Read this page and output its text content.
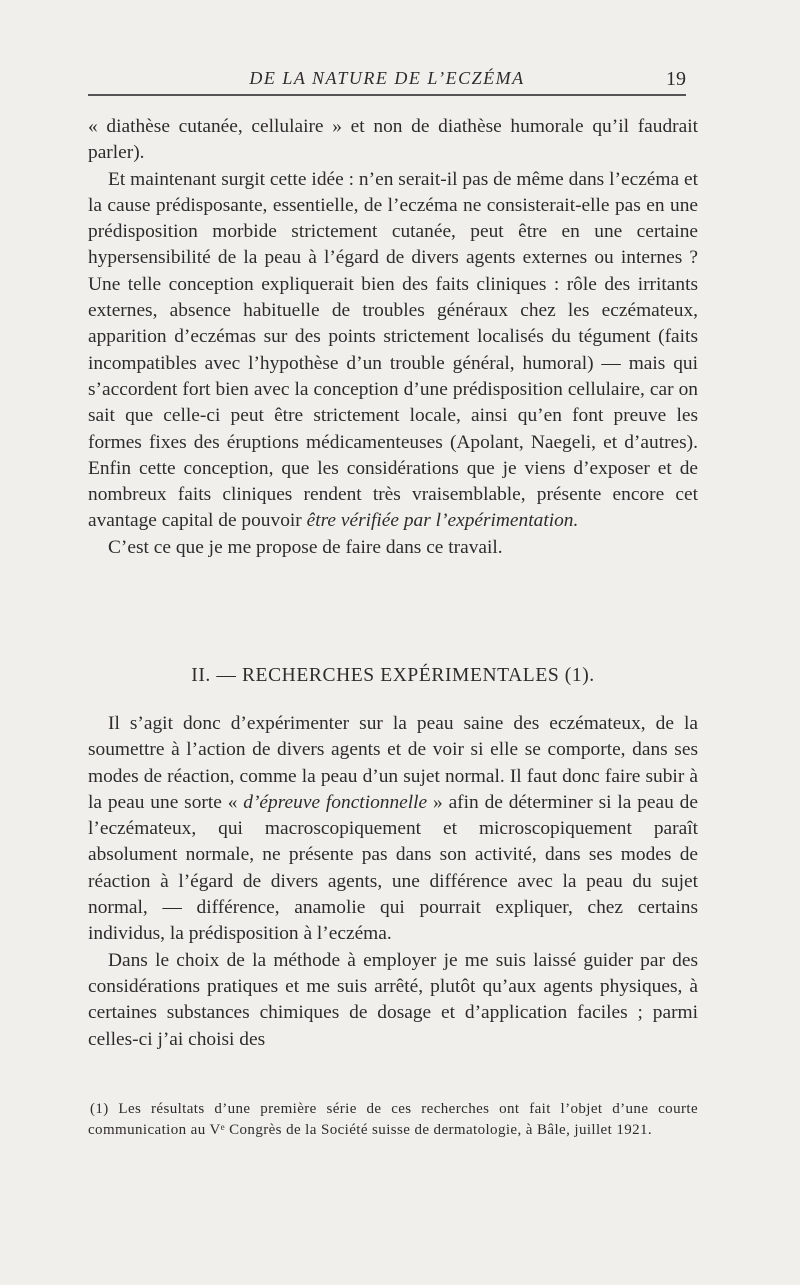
DE LA NATURE DE L’ECZÉMA	19

« diathèse cutanée, cellulaire » et non de diathèse humorale qu’il faudrait parler).

Et maintenant surgit cette idée : n’en serait-il pas de même dans l’eczéma et la cause prédisposante, essentielle, de l’eczéma ne consisterait-elle pas en une prédisposition morbide strictement cutanée, peut être en une certaine hypersensibilité de la peau à l’égard de divers agents externes ou internes ? Une telle conception expliquerait bien des faits cliniques : rôle des irritants externes, absence habituelle de troubles généraux chez les eczémateux, apparition d’eczémas sur des points strictement localisés du tégument (faits incompatibles avec l’hypothèse d’un trouble général, humoral) — mais qui s’accordent fort bien avec la conception d’une prédisposition cellulaire, car on sait que celle-ci peut être strictement locale, ainsi qu’en font preuve les formes fixes des éruptions médicamenteuses (Apolant, Naegeli, et d’autres). Enfin cette conception, que les considérations que je viens d’exposer et de nombreux faits cliniques rendent très vraisemblable, présente encore cet avantage capital de pouvoir être vérifiée par l’expérimentation.

C’est ce que je me propose de faire dans ce travail.

II. — RECHERCHES EXPÉRIMENTALES (1).

Il s’agit donc d’expérimenter sur la peau saine des eczémateux, de la soumettre à l’action de divers agents et de voir si elle se comporte, dans ses modes de réaction, comme la peau d’un sujet normal. Il faut donc faire subir à la peau une sorte « d’épreuve fonctionnelle » afin de déterminer si la peau de l’eczémateux, qui macroscopiquement et microscopiquement paraît absolument normale, ne présente pas dans son activité, dans ses modes de réaction à l’égard de divers agents, une différence avec la peau du sujet normal, — différence, anamolie qui pourrait expliquer, chez certains individus, la prédisposition à l’eczéma.

Dans le choix de la méthode à employer je me suis laissé guider par des considérations pratiques et me suis arrêté, plutôt qu’aux agents physiques, à certaines substances chimiques de dosage et d’application faciles ; parmi celles-ci j’ai choisi des

(1) Les résultats d’une première série de ces recherches ont fait l’objet d’une courte communication au Vᵉ Congrès de la Société suisse de dermatologie, à Bâle, juillet 1921.
